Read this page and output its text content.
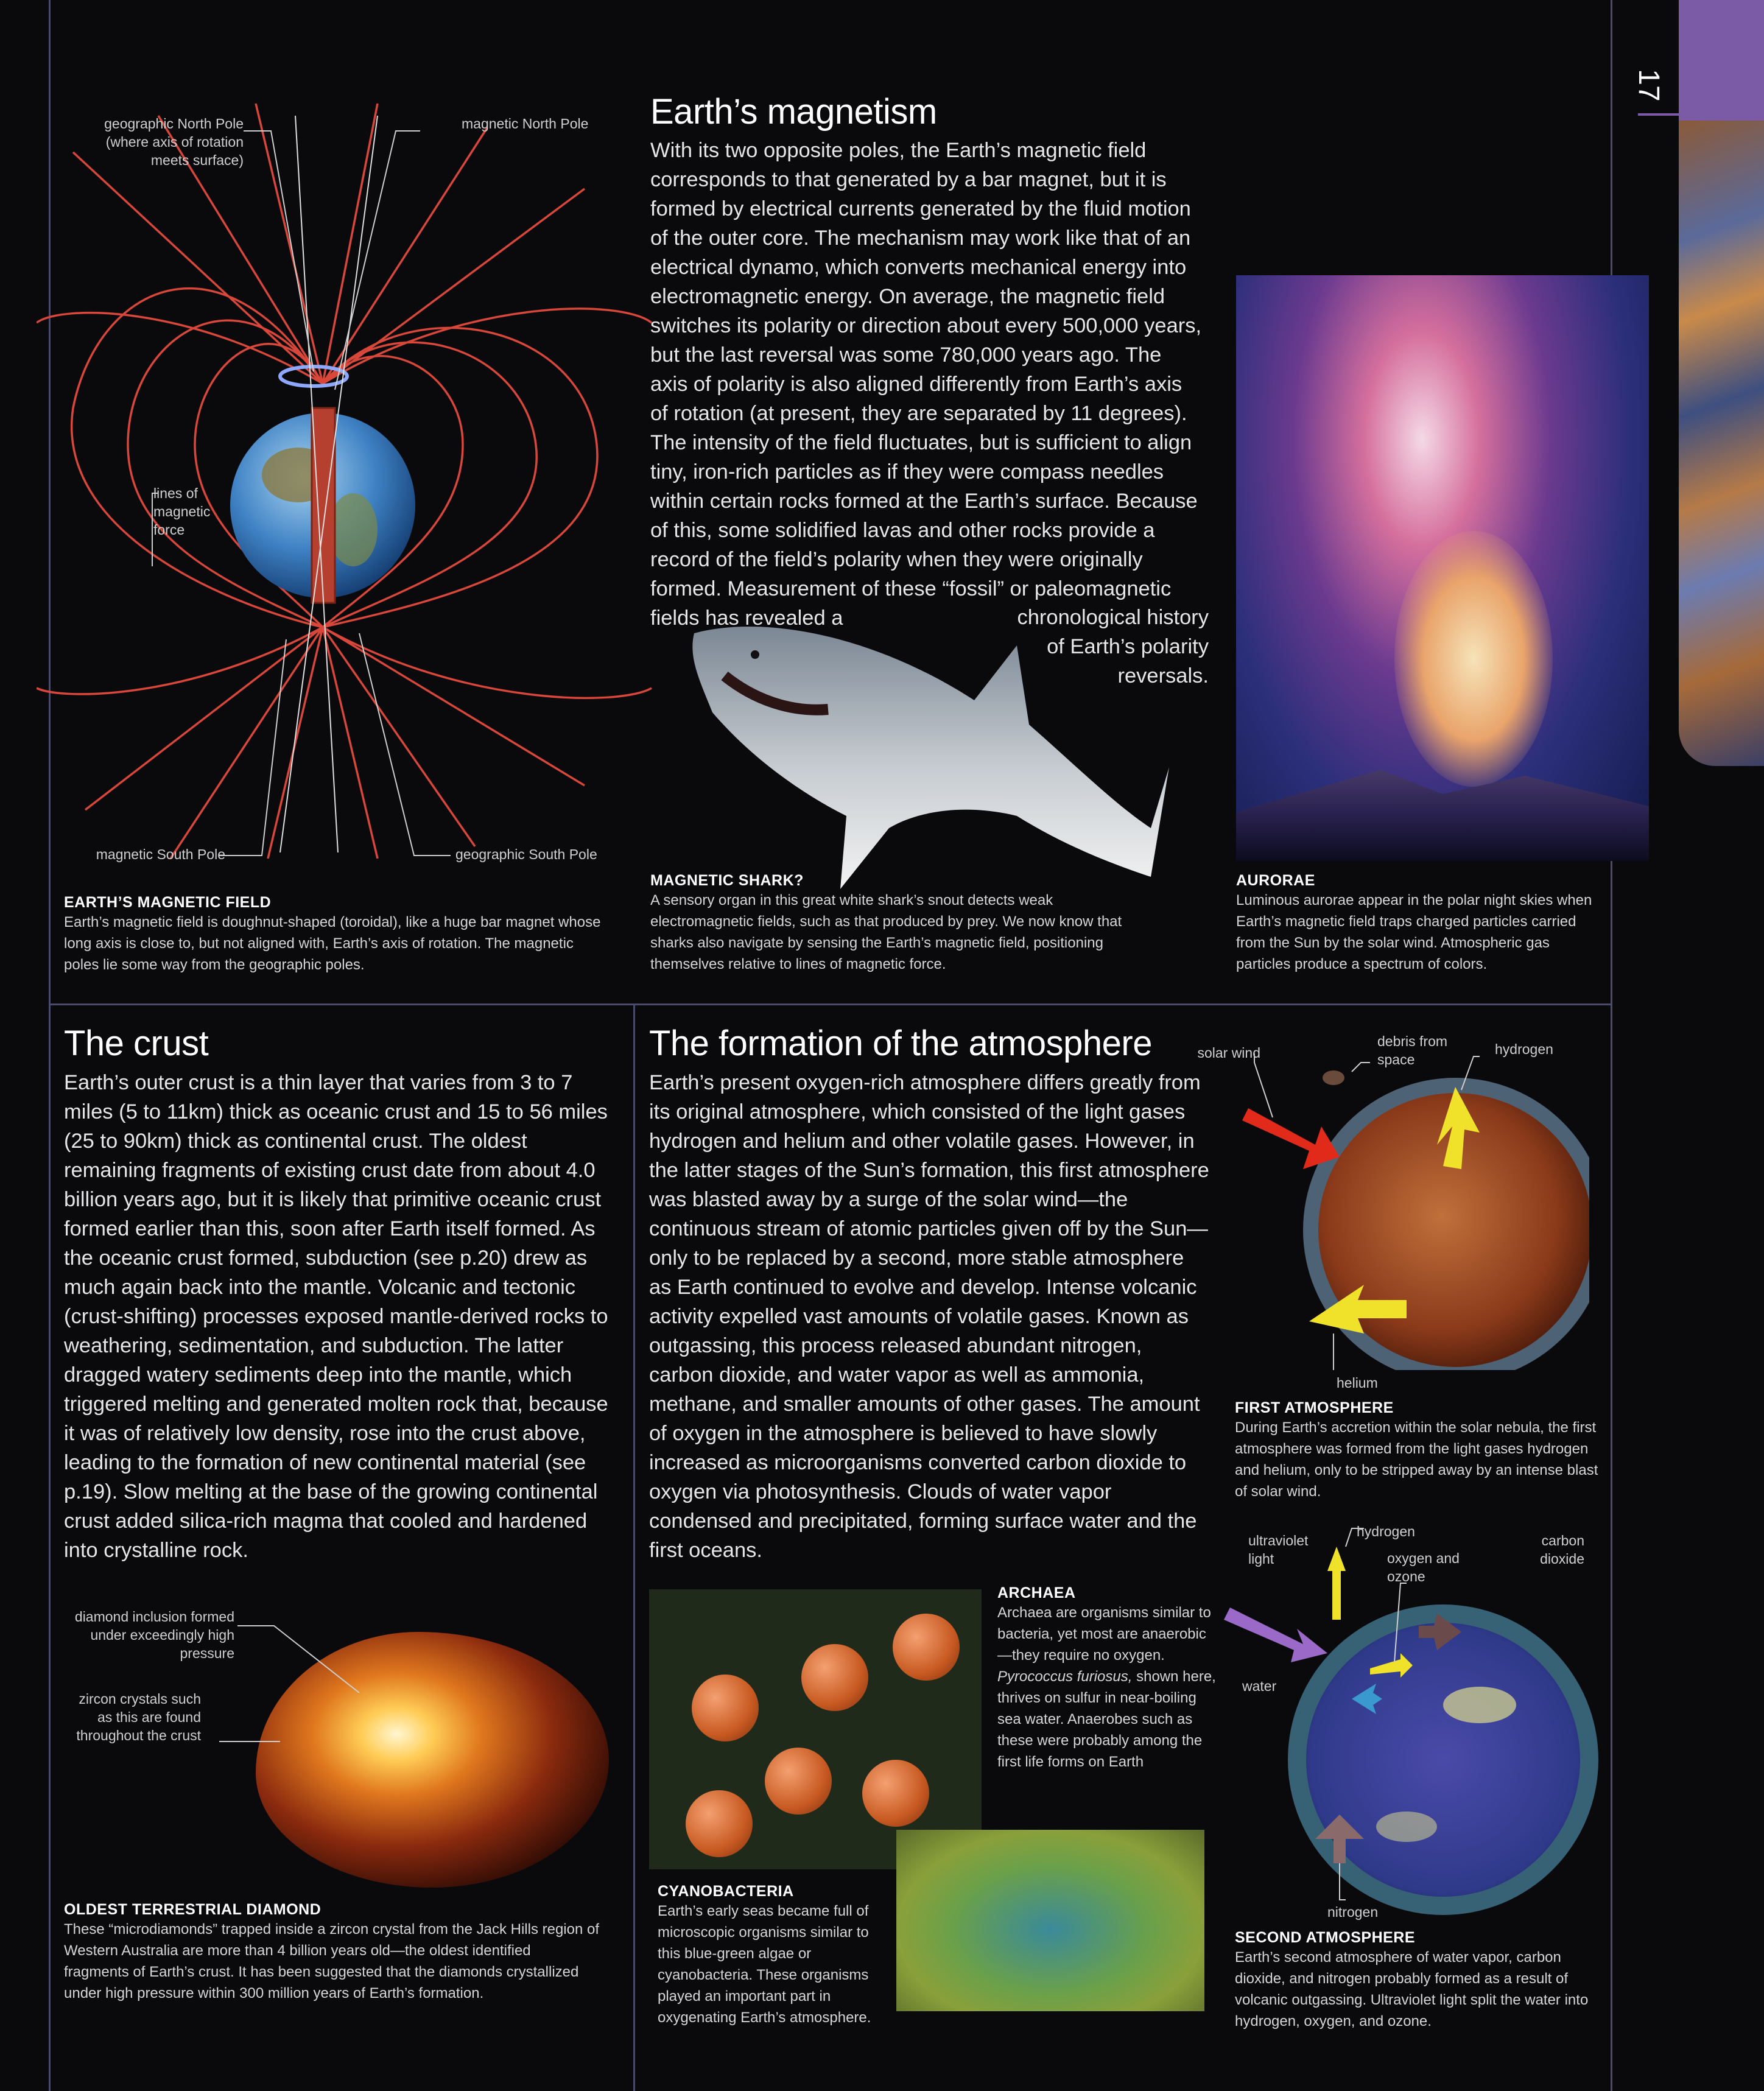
17
geographic North Pole (where axis of rotation meets surface)
magnetic North Pole
lines of magnetic force
magnetic South Pole	geographic South Pole
EARTH’S MAGNETIC FIELD
Earth’s magnetic field is doughnut-shaped (toroidal), like a huge bar magnet whose long axis is close to, but not aligned with, Earth’s axis of rotation. The magnetic poles lie some way from the geographic poles.
Earth’s magnetism
chronological history of Earth’s polarity reversals.
MAGNETIC SHARK?
A sensory organ in this great white shark’s snout detects weak electromagnetic fields, such as that produced by prey. We now know that sharks also navigate by sensing the Earth’s magnetic field, positioning themselves relative to lines of magnetic force.
AURORAE
Luminous aurorae appear in the polar night skies when Earth’s magnetic field traps charged particles carried from the Sun by the solar wind. Atmospheric gas particles produce a spectrum of colors.
The crust

Earth’s outer crust is a thin layer that varies from 3 to 7 miles (5 to 11km) thick as oceanic crust and 15 to 56 miles (25 to 90km) thick as continental crust. The oldest remaining fragments of existing crust date from about 4.0 billion years ago, but it is likely that primitive oceanic crust formed earlier than this, soon after Earth itself formed. As the oceanic crust formed, subduction (see p.20) drew as much again back into the mantle. Volcanic and tectonic (crust-shifting) processes exposed mantle-derived rocks to weathering, sedimentation, and subduction. The latter dragged watery sediments deep into the mantle, which triggered melting and generated molten rock that, because it was of relatively low density, rose into the crust above, leading to the formation of new continental material (see p.19). Slow melting at the base of the growing continental crust added silica-rich magma that cooled and hardened into crystalline rock.

diamond inclusion formed under exceedingly high pressure
zircon crystals such as this are found throughout the crust
OLDEST TERRESTRIAL DIAMOND
These “microdiamonds” trapped inside a zircon crystal from the Jack Hills region of Western Australia are more than 4 billion years old—the oldest identified fragments of Earth’s crust. It has been suggested that the diamonds crystallized under high pressure within 300 million years of Earth’s formation.
The formation of the atmosphere

Earth’s present oxygen-rich atmosphere differs greatly from its original atmosphere, which consisted of the light gases hydrogen and helium and other volatile gases. However, in the latter stages of the Sun’s formation, this first atmosphere was blasted away by a surge of the solar wind—the continuous stream of atomic particles given off by the Sun—only to be replaced by a second, more stable atmosphere as Earth continued to evolve and develop. Intense volcanic activity expelled vast amounts of volatile gases. Known as outgassing, this process released abundant nitrogen, carbon dioxide, and water vapor as well as ammonia, methane, and smaller amounts of other gases. The amount of oxygen in the atmosphere is believed to have slowly increased as microorganisms converted carbon dioxide to oxygen via photosynthesis. Clouds of water vapor condensed and precipitated, forming surface water and the first oceans.

solar wind
debris from space
hydrogen
helium
FIRST ATMOSPHERE
During Earth’s accretion within the solar nebula, the first atmosphere was formed from the light gases hydrogen and helium, only to be stripped away by an intense blast of solar wind.
ARCHAEA
Archaea are organisms similar to bacteria, yet most are anaerobic—they require no oxygen. Pyrococcus furiosus, shown here, thrives on sulfur in near-boiling sea water. Anaerobes such as these were probably among the first life forms on Earth
CYANOBACTERIA
Earth’s early seas became full of microscopic organisms similar to this blue-green algae or cyanobacteria. These organisms played an important part in oxygenating Earth’s atmosphere.
ultraviolet light
hydrogen
oxygen and ozone
carbon dioxide
water
nitrogen
SECOND ATMOSPHERE
Earth’s second atmosphere of water vapor, carbon dioxide, and nitrogen probably formed as a result of volcanic outgassing. Ultraviolet light split the water into hydrogen, oxygen, and ozone.

With its two opposite poles, the Earth’s magnetic field corresponds to that generated by a bar magnet, but it is formed by electrical currents generated by the fluid motion of the outer core. The mechanism may work like that of an electrical dynamo, which converts mechanical energy into electromagnetic energy. On average, the magnetic field switches its polarity or direction about every 500,000 years, but the last reversal was some 780,000 years ago. The axis of polarity is also aligned differently from Earth’s axis of rotation (at present, they are separated by 11 degrees). The intensity of the field fluctuates, but is sufficient to align tiny, iron-rich particles as if they were compass needles within certain rocks formed at the Earth’s surface. Because of this, some solidified lavas and other rocks provide a record of the field’s polarity when they were originally formed. Measurement of these “fossil” or paleomagnetic fields has revealed a
